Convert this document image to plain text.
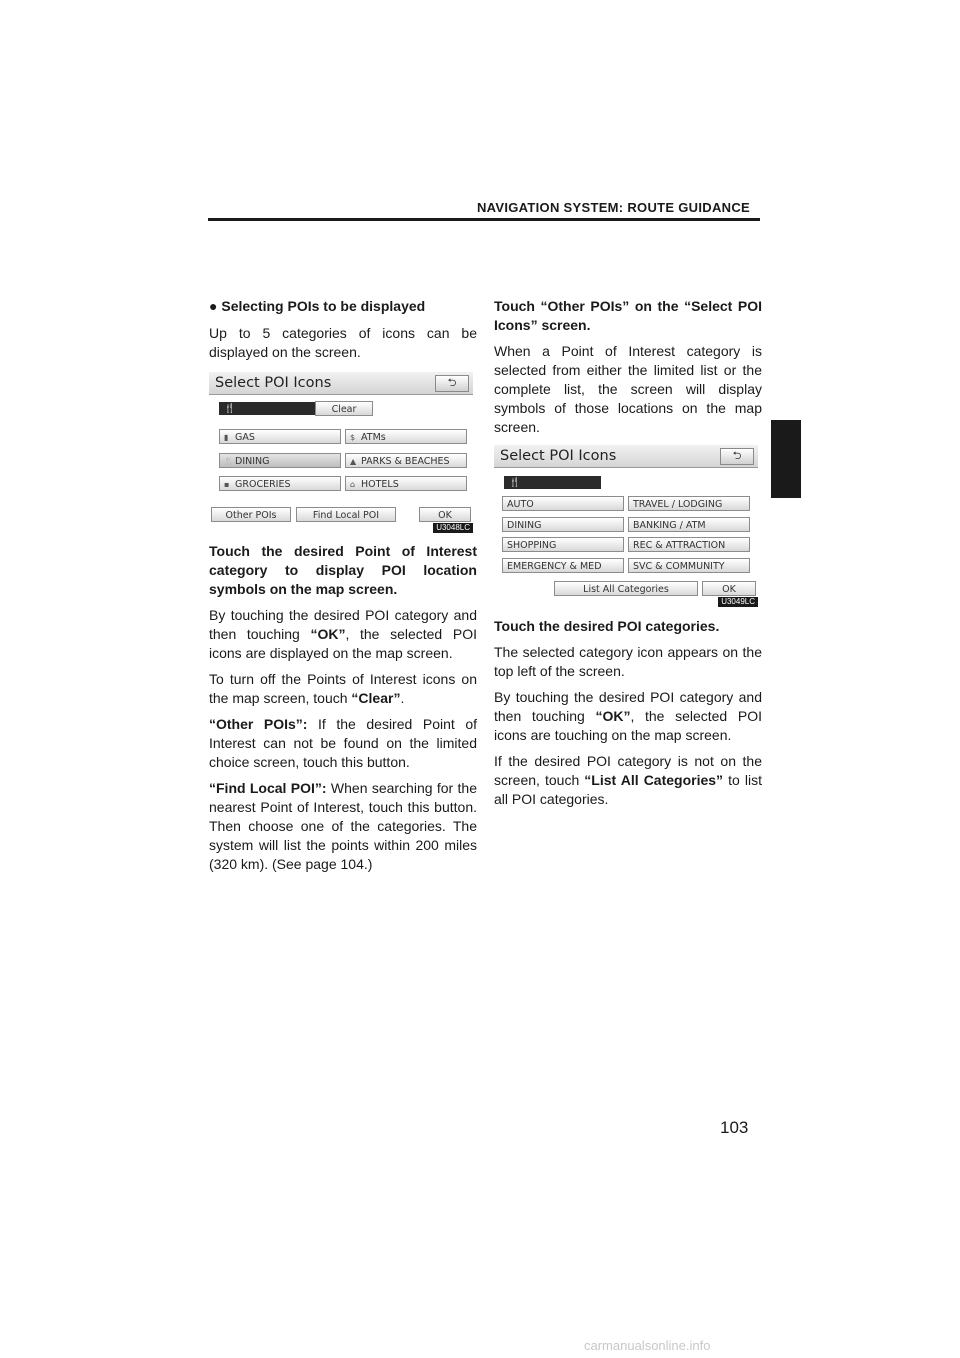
NAVIGATION SYSTEM: ROUTE GUIDANCE

● Selecting POIs to be displayed

Up to 5 categories of icons can be displayed on the screen.

Select POI Icons	⮌
🍴	Clear
▮ GAS	$ ATMs
🍴DINING	▲ PARKS & BEACHES
▪ GROCERIES	⌂ HOTELS
Other POIs	Find Local POI	OK
U3048LC

Touch the desired Point of Interest category to display POI location symbols on the map screen.

By touching the desired POI category and then touching “OK”, the selected POI icons are displayed on the map screen.

To turn off the Points of Interest icons on the map screen, touch “Clear”.

“Other POIs”: If the desired Point of Interest can not be found on the limited choice screen, touch this button.

“Find Local POI”: When searching for the nearest Point of Interest, touch this button. Then choose one of the categories. The system will list the points within 200 miles (320 km). (See page 104.)

Touch “Other POIs” on the “Select POI Icons” screen.

When a Point of Interest category is selected from either the limited list or the complete list, the screen will display symbols of those locations on the map screen.

Select POI Icons	⮌
🍴
AUTO	TRAVEL / LODGING
DINING	BANKING / ATM
SHOPPING	REC & ATTRACTION
EMERGENCY & MED	SVC & COMMUNITY
List All Categories	OK
U3049LC

Touch the desired POI categories.

The selected category icon appears on the top left of the screen.

By touching the desired POI category and then touching “OK”, the selected POI icons are touching on the map screen.

If the desired POI category is not on the screen, touch “List All Categories” to list all POI categories.

103
carmanualsonline.info
